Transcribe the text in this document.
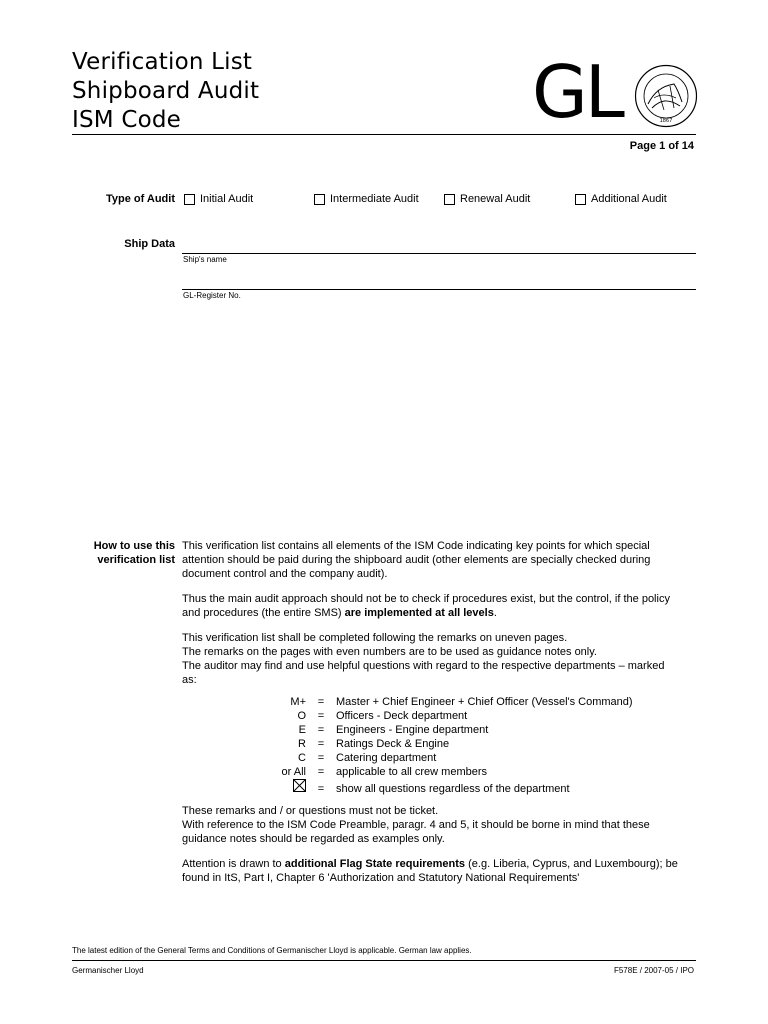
Verification List
Shipboard Audit
ISM Code	GL	1867
Page 1 of 14
Type of Audit	Initial Audit	Intermediate Audit	Renewal Audit	Additional Audit
Ship Data
Ship's name
GL-Register No.
How to use this
verification list

This verification list contains all elements of the ISM Code indicating key points for which special attention should be paid during the shipboard audit (other elements are specially checked during document control and the company audit).

Thus the main audit approach should not be to check if procedures exist, but the control, if the policy and procedures (the entire SMS) are implemented at all levels.

This verification list shall be completed following the remarks on uneven pages.
The remarks on the pages with even numbers are to be used as guidance notes only.
The auditor may find and use helpful questions with regard to the respective departments – marked as:

M+ = Master + Chief Engineer + Chief Officer (Vessel's Command)
O = Officers - Deck department
E = Engineers - Engine department
R = Ratings Deck & Engine
C = Catering department
or All = applicable to all crew members
= show all questions regardless of the department

These remarks and / or questions must not be ticket.
With reference to the ISM Code Preamble, paragr. 4 and 5, it should be borne in mind that these guidance notes should be regarded as examples only.

Attention is drawn to additional Flag State requirements (e.g. Liberia, Cyprus, and Luxembourg); be found in ItS, Part I, Chapter 6 'Authorization and Statutory National Requirements'

The latest edition of the General Terms and Conditions of Germanischer Lloyd is applicable. German law applies.
Germanischer Lloyd	F578E / 2007-05 / IPO
